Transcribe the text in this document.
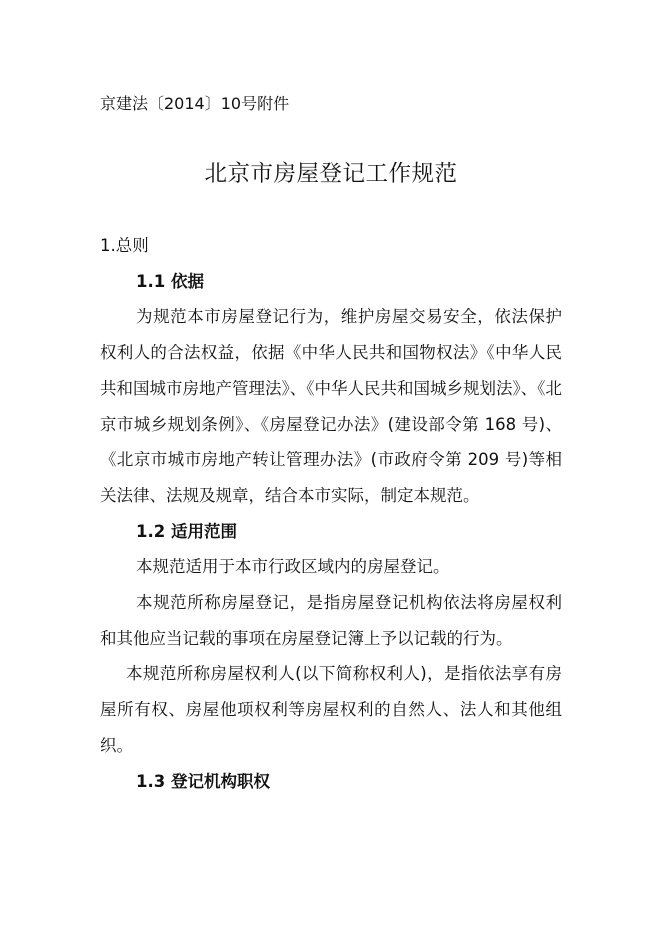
京建法〔2014〕10号附件
北京市房屋登记工作规范

1.总则

1.1 依据

为规范本市房屋登记行为，维护房屋交易安全，依法保护权利人的合法权益，依据《中华人民共和国物权法》《中华人民共和国城市房地产管理法》、《中华人民共和国城乡规划法》、《北京市城乡规划条例》、《房屋登记办法》(建设部令第 168 号)、《北京市城市房地产转让管理办法》(市政府令第 209 号)等相关法律、法规及规章，结合本市实际，制定本规范。

1.2 适用范围

本规范适用于本市行政区域内的房屋登记。

本规范所称房屋登记，是指房屋登记机构依法将房屋权利和其他应当记载的事项在房屋登记簿上予以记载的行为。

本规范所称房屋权利人(以下简称权利人)，是指依法享有房屋所有权、房屋他项权利等房屋权利的自然人、法人和其他组织。

1.3 登记机构职权
